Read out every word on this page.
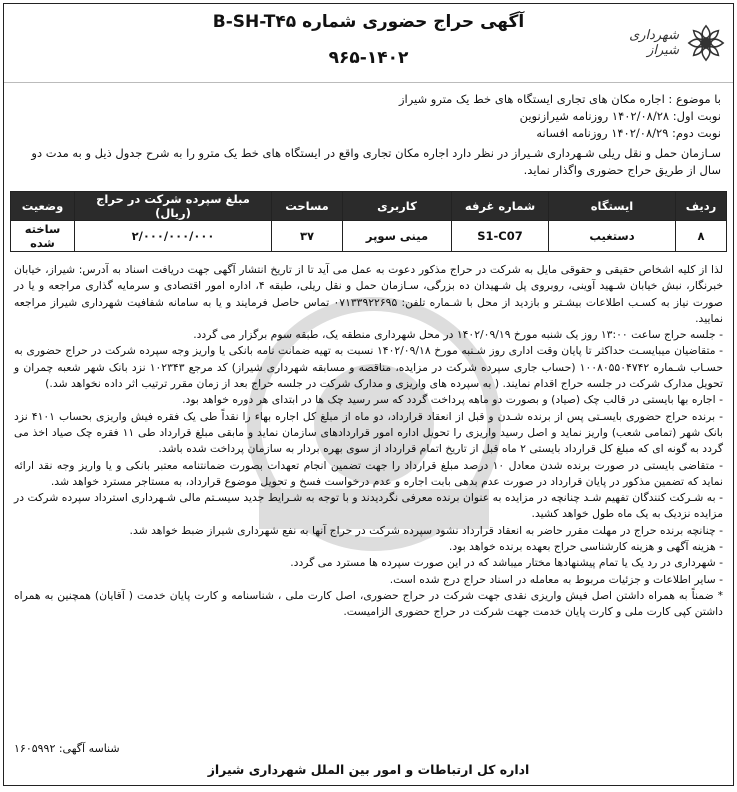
شهرداری شیراز
آگهی حراج حضوری شماره B-SH-T۴۵
۹۶۵-۱۴۰۲
با موضوع : اجاره مکان های تجاری ایستگاه های خط یک مترو شیراز
نوبت اول: ۱۴۰۲/۰۸/۲۸ روزنامه شیرازنوین
نوبت دوم: ۱۴۰۲/۰۸/۲۹ روزنامه افسانه
سـازمان حمل و نقل ریلی شـهرداری شـیراز در نظر دارد اجاره مکان تجاری واقع در ایستگاه های خط یک مترو را به شرح جدول ذیل و به مدت دو سال از طریق حراج حضوری واگذار نماید.
ردیف	ایستگاه	شماره غرفه	کاربری	مساحت	مبلغ سپرده شرکت در حراج (ریال)	وضعیت
۸	دستغیب	S1-C07	مینی سوپر	۳۷	۲/۰۰۰/۰۰۰/۰۰۰	ساخته شده

لذا از کلیه اشخاص حقیقی و حقوقی مایل به شرکت در حراج مذکور دعوت به عمل می آید تا از تاریخ انتشار آگهی جهت دریافت اسناد به آدرس: شیراز، خیابان خبرنگار، نبش خیابان شـهید آوینی، روبروی پل شـهیدان ده بزرگی، سـازمان حمل و نقل ریلی، طبقه ۴، اداره امور اقتصادی و سرمایه گذاری مراجعه و یا در صورت نیاز به کسـب اطلاعات بیشـتر و بازدید از محل با شـماره تلفن: ۰۷۱۳۳۹۲۲۶۹۵ تماس حاصل فرمایند و یا به سامانه شفافیت شهرداری شیراز مراجعه نمایید.

- جلسه حراج ساعت ۱۳:۰۰ روز یک شنبه مورخ ۱۴۰۲/۰۹/۱۹ در محل شهرداری منطقه یک، طبقه سوم برگزار می گردد.

- متقاضیان میبایسـت حداکثر تا پایان وقت اداری روز شـنبه مورخ ۱۴۰۲/۰۹/۱۸ نسبت به تهیه ضمانت نامه بانکی یا واریز وجه سپرده شرکت در حراج حضوری به حسـاب شـماره ۱۰۰۸۰۵۵۰۴۷۴۲ (حساب جاری سپرده شرکت در مزایده، مناقصه و مسابقه شهرداری شیراز) کد مرجع ۱۰۲۳۴۳ نزد بانک شهر شعبه چمران و تحویل مدارک شرکت در جلسه حراج اقدام نمایند. ( به سپرده های واریزی و مدارک شرکت در جلسه حراج بعد از زمان مقرر ترتیب اثر داده نخواهد شد.)

- اجاره بها بایستی در قالب چک (صیاد) و بصورت دو ماهه پرداخت گردد که سر رسید چک ها در ابتدای هر دوره خواهد بود.

- برنده حراج حضوری بایسـتی پس از برنده شـدن و قبل از انعقاد قرارداد، دو ماه از مبلغ کل اجاره بهاء را نقداً طی یک فقره فیش واریزی بحساب ۴۱۰۱ نزد بانک شهر (تمامی شعب) واریز نماید و اصل رسید واریزی را تحویل اداره امور قراردادهای سازمان نماید و مابقی مبلغ قرارداد طی ۱۱ فقره چک صیاد اخذ می گردد به گونه ای که مبلغ کل قرارداد بایستی ۲ ماه قبل از تاریخ اتمام قرارداد از سوی بهره بردار به سازمان پرداخت شده باشد.

- متقاضی بایستی در صورت برنده شدن معادل ۱۰ درصد مبلغ قرارداد را جهت تضمین انجام تعهدات بصورت ضمانتنامه معتبر بانکی و یا واریز وجه نقد ارائه نماید که تضمین مذکور در پایان قرارداد در صورت عدم بدهی بابت اجاره و عدم درخواست فسخ و تحویل موضوع قرارداد، به مستاجر مسترد خواهد شد.

- به شـرکت کنندگان تفهیم شـد چنانچه در مزایده به عنوان برنده معرفی نگردیدند و با توجه به شـرایط جدید سیسـتم مالی شـهرداری استرداد سپرده شرکت در مزایده نزدیک به یک ماه طول خواهد کشید.

- چنانچه برنده حراج در مهلت مقرر حاضر به انعقاد قرارداد نشود سپرده شرکت در حراج آنها به نفع شهرداری شیراز ضبط خواهد شد.

- هزینه آگهی و هزینه کارشناسی حراج بعهده برنده خواهد بود.

- شهرداری در رد یک یا تمام پیشنهادها مختار میباشد که در این صورت سپرده ها مسترد می گردد.

- سایر اطلاعات و جزئیات مربوط به معامله در اسناد حراج درج شده است.

* ضمناً به همراه داشتن اصل فیش واریزی نقدی جهت شرکت در حراج حضوری، اصل کارت ملی ، شناسنامه و کارت پایان خدمت ( آقایان) همچنین به همراه داشتن کپی کارت ملی و کارت پایان خدمت جهت شرکت در حراج حضوری الزامیست.

شناسه آگهی: ۱۶۰۵۹۹۲
اداره کل ارتباطات و امور بین الملل شهرداری شیراز
